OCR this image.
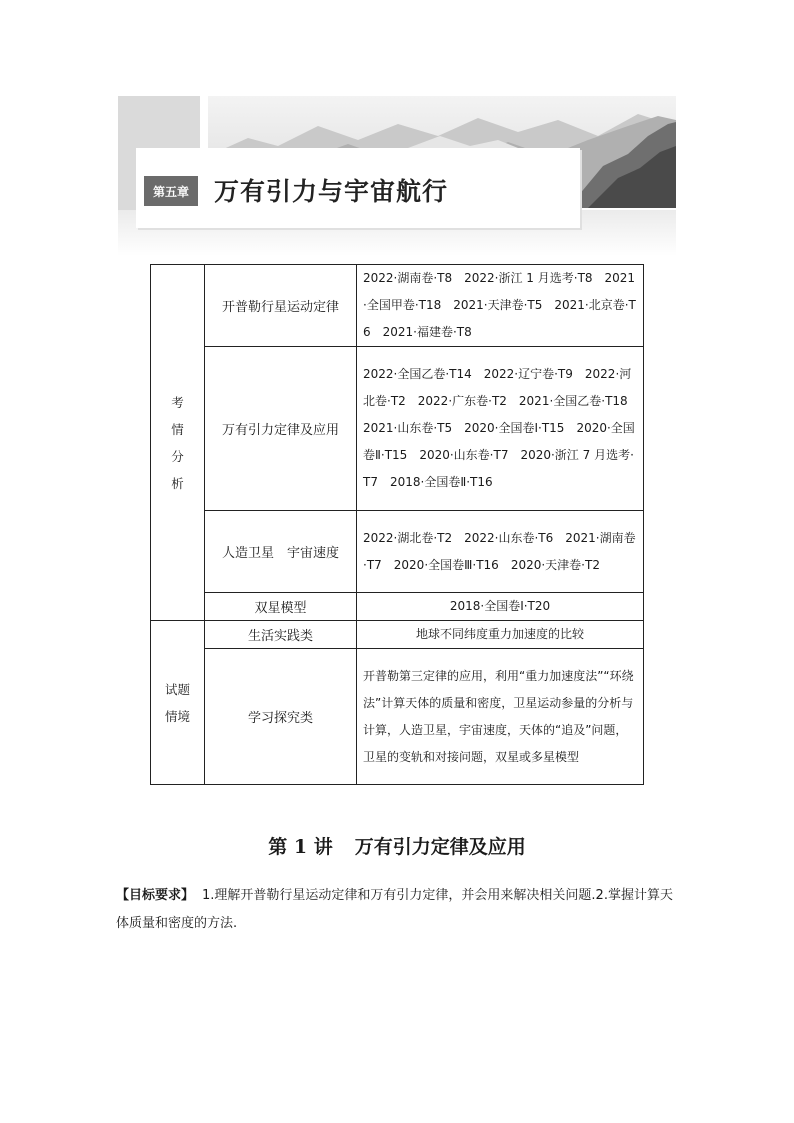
第五章	万有引力与宇宙航行
考
情
分
析	开普勒行星运动定律	2022·湖南卷·T8　2022·浙江 1 月选考·T8　2021·全国甲卷·T18　2021·天津卷·T5　2021·北京卷·T6　2021·福建卷·T8
	万有引力定律及应用	2022·全国乙卷·T14　2022·辽宁卷·T9　2022·河北卷·T2　2022·广东卷·T2　2021·全国乙卷·T18　2021·山东卷·T5　2020·全国卷Ⅰ·T15　2020·全国卷Ⅱ·T15　2020·山东卷·T7　2020·浙江 7 月选考·T7　2018·全国卷Ⅱ·T16
	人造卫星　宇宙速度	2022·湖北卷·T2　2022·山东卷·T6　2021·湖南卷·T7　2020·全国卷Ⅲ·T16　2020·天津卷·T2
	双星模型	2018·全国卷Ⅰ·T20

试题
情境	生活实践类	地球不同纬度重力加速度的比较
	学习探究类	开普勒第三定律的应用，利用“重力加速度法”“环绕法”计算天体的质量和密度，卫星运动参量的分析与计算，人造卫星，宇宙速度，天体的“追及”问题，卫星的变轨和对接问题，双星或多星模型
第 1 讲 万有引力定律及应用
【目标要求】 1.理解开普勒行星运动定律和万有引力定律，并会用来解决相关问题.2.掌握计算天体质量和密度的方法.
